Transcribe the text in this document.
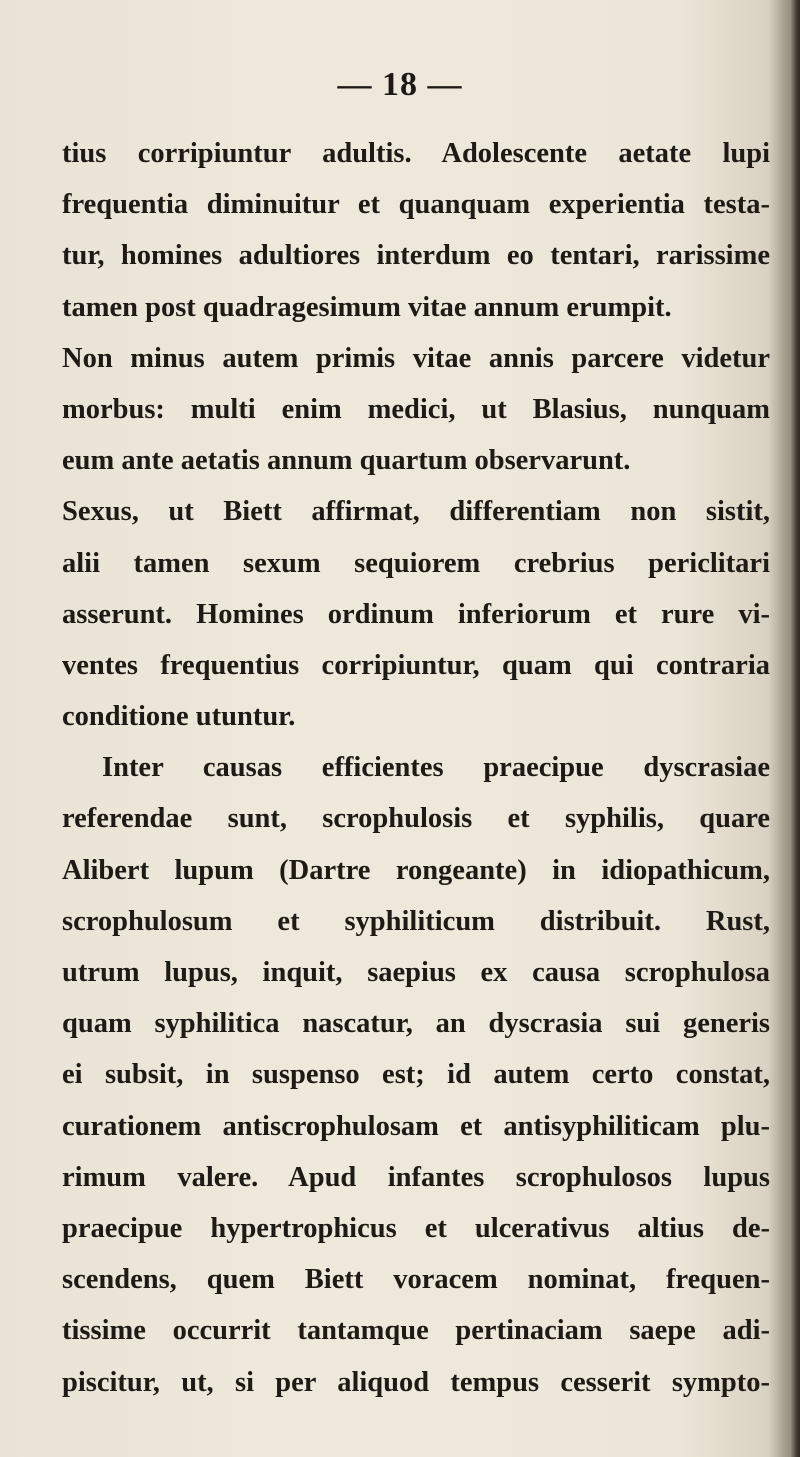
— 18 —
tius corripiuntur adultis. Adolescente aetate lupi
frequentia diminuitur et quanquam experientia testa-
tur, homines adultiores interdum eo tentari, rarissime
tamen post quadragesimum vitae annum erumpit.
Non minus autem primis vitae annis parcere videtur
morbus: multi enim medici, ut Blasius, nunquam
eum ante aetatis annum quartum observarunt.
Sexus, ut Biett affirmat, differentiam non sistit,
alii tamen sexum sequiorem crebrius periclitari
asserunt. Homines ordinum inferiorum et rure vi-
ventes frequentius corripiuntur, quam qui contraria
conditione utuntur.
Inter causas efficientes praecipue dyscrasiae
referendae sunt, scrophulosis et syphilis, quare
Alibert lupum (Dartre rongeante) in idiopathicum,
scrophulosum et syphiliticum distribuit. Rust,
utrum lupus, inquit, saepius ex causa scrophulosa
quam syphilitica nascatur, an dyscrasia sui generis
ei subsit, in suspenso est; id autem certo constat,
curationem antiscrophulosam et antisyphiliticam plu-
rimum valere. Apud infantes scrophulosos lupus
praecipue hypertrophicus et ulcerativus altius de-
scendens, quem Biett voracem nominat, frequen-
tissime occurrit tantamque pertinaciam saepe adi-
piscitur, ut, si per aliquod tempus cesserit sympto-
